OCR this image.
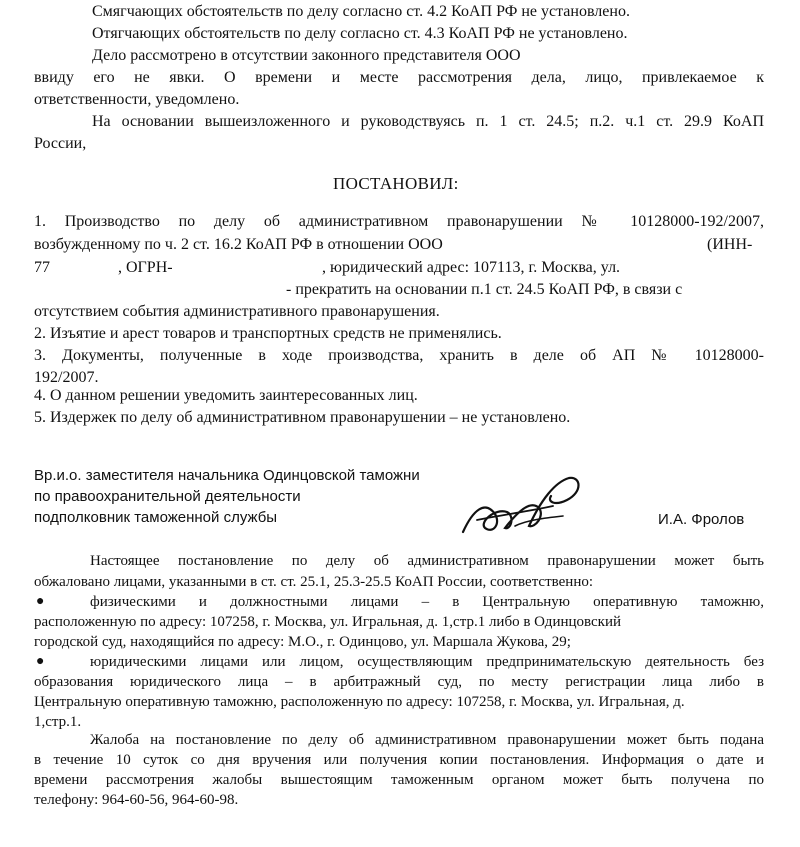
Смягчающих обстоятельств по делу согласно ст. 4.2 КоАП РФ не установлено.
Отягчающих обстоятельств по делу согласно ст. 4.3 КоАП РФ не установлено.
Дело рассмотрено в отсутствии законного представителя ООО
ввиду его не явки. О времени и месте рассмотрения дела, лицо, привлекаемое к
ответственности, уведомлено.
На основании вышеизложенного и руководствуясь п. 1 ст. 24.5; п.2. ч.1 ст. 29.9 КоАП
России,
ПОСТАНОВИЛ:
1. Производство по делу об административном правонарушении № 10128000-192/2007,
возбужденному по ч. 2 ст. 16.2 КоАП РФ в отношении ООО	(ИНН-
77	, ОГРН-	, юридический адрес: 107113, г. Москва, ул.
- прекратить на основании п.1 ст. 24.5 КоАП РФ, в связи с
отсутствием события административного правонарушения.
2. Изъятие и арест товаров и транспортных средств не применялись.
3. Документы, полученные в ходе производства, хранить в деле об АП № 10128000-
192/2007.
4. О данном решении уведомить заинтересованных лиц.
5. Издержек по делу об административном правонарушении – не установлено.
Вр.и.о. заместителя начальника Одинцовской таможни
по правоохранительной деятельности
подполковник таможенной службы	И.А. Фролов
Настоящее постановление по делу об административном правонарушении может быть
обжаловано лицами, указанными в ст. ст. 25.1, 25.3-25.5 КоАП России, соответственно:
●	физическими и должностными лицами – в Центральную оперативную таможню,
расположенную по адресу: 107258, г. Москва, ул. Игральная, д. 1,стр.1 либо в Одинцовский
городской суд, находящийся по адресу: М.О., г. Одинцово, ул. Маршала Жукова, 29;
●	юридическими лицами или лицом, осуществляющим предпринимательскую деятельность без
образования юридического лица – в арбитражный суд, по месту регистрации лица либо в
Центральную оперативную таможню, расположенную по адресу: 107258, г. Москва, ул. Игральная, д.
1,стр.1.
Жалоба на постановление по делу об административном правонарушении может быть подана
в течение 10 суток со дня вручения или получения копии постановления. Информация о дате и
времени рассмотрения жалобы вышестоящим таможенным органом может быть получена по
телефону: 964-60-56, 964-60-98.
